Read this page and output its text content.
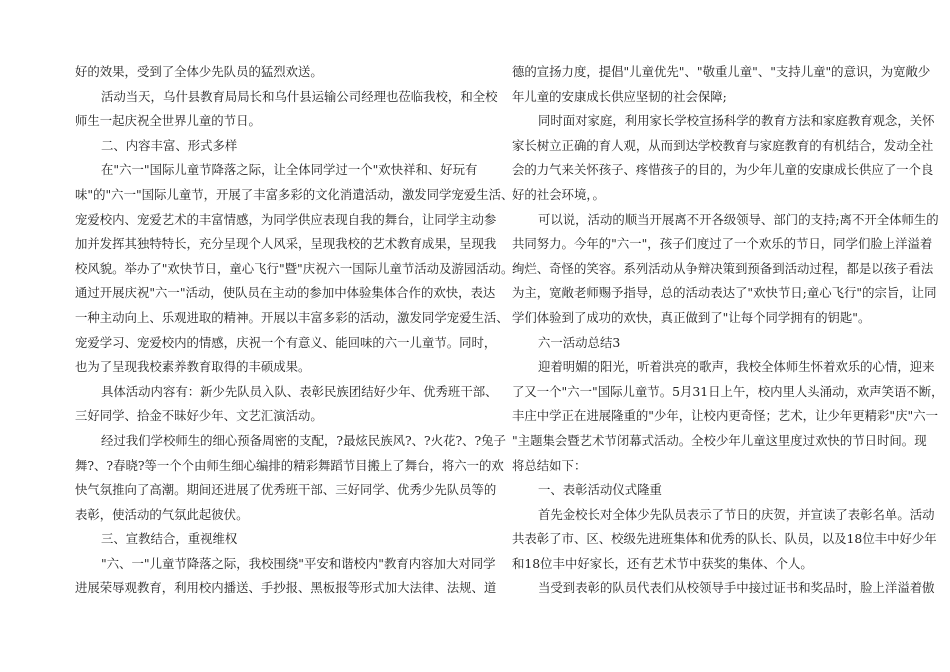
好的效果，受到了全体少先队员的猛烈欢送。
活动当天，乌什县教育局局长和乌什县运输公司经理也莅临我校，和全校
师生一起庆祝全世界儿童的节日。
二、内容丰富、形式多样
在"六一"国际儿童节降落之际，让全体同学过一个"欢快祥和、好玩有
味"的"六一"国际儿童节，开展了丰富多彩的文化消遣活动，激发同学宠爱生活、
宠爱校内、宠爱艺术的丰富情感，为同学供应表现自我的舞台，让同学主动参
加并发挥其独特特长，充分呈现个人风采，呈现我校的艺术教育成果，呈现我
校风貌。举办了"欢快节日，童心飞行"暨"庆祝六一国际儿童节活动及游园活动。
通过开展庆祝"六一"活动，使队员在主动的参加中体验集体合作的欢快，表达
一种主动向上、乐观进取的精神。开展以丰富多彩的活动，激发同学宠爱生活、
宠爱学习、宠爱校内的情感，庆祝一个有意义、能回味的六一儿童节。同时，
也为了呈现我校素养教育取得的丰硕成果。
具体活动内容有：新少先队员入队、表彰民族团结好少年、优秀班干部、
三好同学、拾金不昧好少年、文艺汇演活动。
经过我们学校师生的细心预备周密的支配，?最炫民族风?、?火花?、?兔子
舞?、?春晓?等一个个由师生细心编排的精彩舞蹈节目搬上了舞台，将六一的欢
快气氛推向了高潮。期间还进展了优秀班干部、三好同学、优秀少先队员等的
表彰，使活动的气氛此起彼伏。
三、宣教结合，重视维权
"六、一"儿童节降落之际，我校围绕"平安和谐校内"教育内容加大对同学
进展荣辱观教育，利用校内播送、手抄报、黑板报等形式加大法律、法规、道
德的宣扬力度，提倡"儿童优先"、"敬重儿童"、"支持儿童"的意识，为宽敞少
年儿童的安康成长供应坚韧的社会保障;
同时面对家庭，利用家长学校宣扬科学的教育方法和家庭教育观念，关怀
家长树立正确的育人观，从而到达学校教育与家庭教育的有机结合，发动全社
会的力气来关怀孩子、疼惜孩子的目的，为少年儿童的安康成长供应了一个良
好的社会环境，。
可以说，活动的顺当开展离不开各级领导、部门的支持;离不开全体师生的
共同努力。今年的"六一"，孩子们度过了一个欢乐的节日，同学们脸上洋溢着
绚烂、奇怪的笑容。系列活动从争辩决策到预备到活动过程，都是以孩子看法
为主，宽敞老师赐予指导，总的活动表达了"欢快节日;童心飞行"的宗旨，让同
学们体验到了成功的欢快，真正做到了"让每个同学拥有的钥匙"。
六一活动总结3
迎着明媚的阳光，听着洪亮的歌声，我校全体师生怀着欢乐的心情，迎来
了又一个"六一"国际儿童节。5月31日上午，校内里人头涌动，欢声笑语不断，
丰庄中学正在进展隆重的"少年，让校内更奇怪；艺术，让少年更精彩"庆"六一
"主题集会暨艺术节闭幕式活动。全校少年儿童这里度过欢快的节日时间。现
将总结如下：
一、表彰活动仪式隆重
首先金校长对全体少先队员表示了节日的庆贺，并宣读了表彰名单。活动
共表彰了市、区、校级先进班集体和优秀的队长、队员，以及18位丰中好少年
和18位丰中好家长，还有艺术节中获奖的集体、个人。
当受到表彰的队员代表们从校领导手中接过证书和奖品时，脸上洋溢着傲
